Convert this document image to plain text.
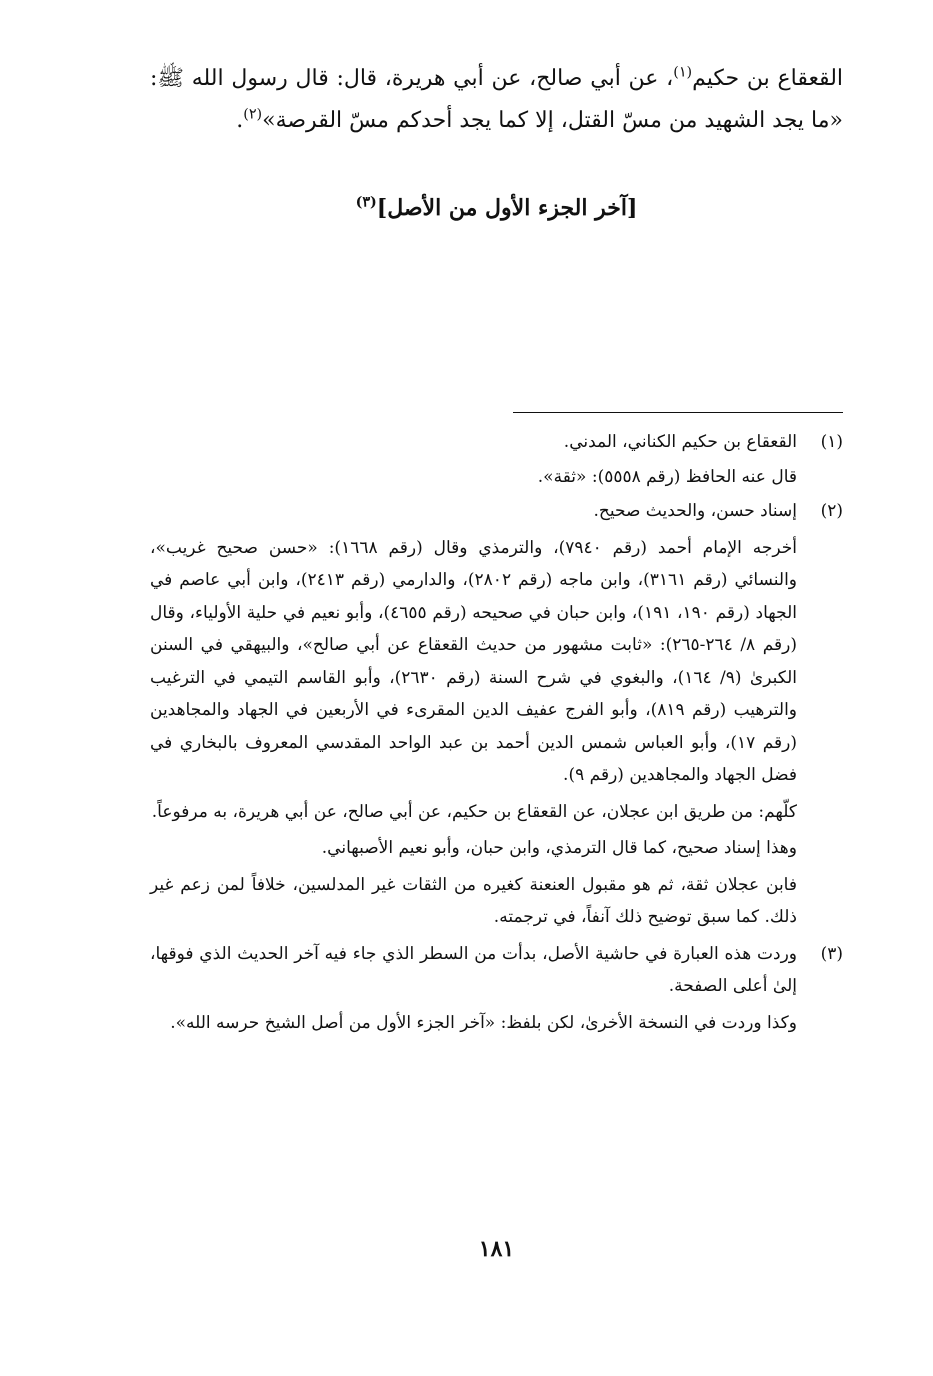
القعقاع بن حكيم$^{(١)}$، عن أبي صالح، عن أبي هريرة، قال: قال رسول الله ﷺ: «ما يجد الشهيد من مسّ القتل، إلا كما يجد أحدكم مسّ القرصة»$^{(٢)}$.

[آخر الجزء الأول من الأصل]$^{(٣)}$
(١)

القعقاع بن حكيم الكناني، المدني.

قال عنه الحافظ (رقم ٥٥٥٨): «ثقة».

(٢)

إسناد حسن، والحديث صحيح.

أخرجه الإمام أحمد (رقم ٧٩٤٠)، والترمذي وقال (رقم ١٦٦٨): «حسن صحيح غريب»، والنسائي (رقم ٣١٦١)، وابن ماجه (رقم ٢٨٠٢)، والدارمي (رقم ٢٤١٣)، وابن أبي عاصم في الجهاد (رقم ١٩٠، ١٩١)، وابن حبان في صحيحه (رقم ٤٦٥٥)، وأبو نعيم في حلية الأولياء، وقال (رقم ٨/ ٢٦٤-٢٦٥): «ثابت مشهور من حديث القعقاع عن أبي صالح»، والبيهقي في السنن الكبرىٰ (٩/ ١٦٤)، والبغوي في شرح السنة (رقم ٢٦٣٠)، وأبو القاسم التيمي في الترغيب والترهيب (رقم ٨١٩)، وأبو الفرج عفيف الدين المقرىء في الأربعين في الجهاد والمجاهدين (رقم ١٧)، وأبو العباس شمس الدين أحمد بن عبد الواحد المقدسي المعروف بالبخاري في فضل الجهاد والمجاهدين (رقم ٩).

كلّهم: من طريق ابن عجلان، عن القعقاع بن حكيم، عن أبي صالح، عن أبي هريرة، به مرفوعاً.

وهذا إسناد صحيح، كما قال الترمذي، وابن حبان، وأبو نعيم الأصبهاني.

فابن عجلان ثقة، ثم هو مقبول العنعنة كغيره من الثقات غير المدلسين، خلافاً لمن زعم غير ذلك. كما سبق توضيح ذلك آنفاً، في ترجمته.

(٣)

وردت هذه العبارة في حاشية الأصل، بدأت من السطر الذي جاء فيه آخر الحديث الذي فوقها، إلىٰ أعلى الصفحة.

وكذا وردت في النسخة الأخرىٰ، لكن بلفظ: «آخر الجزء الأول من أصل الشيخ حرسه الله».

١٨١
